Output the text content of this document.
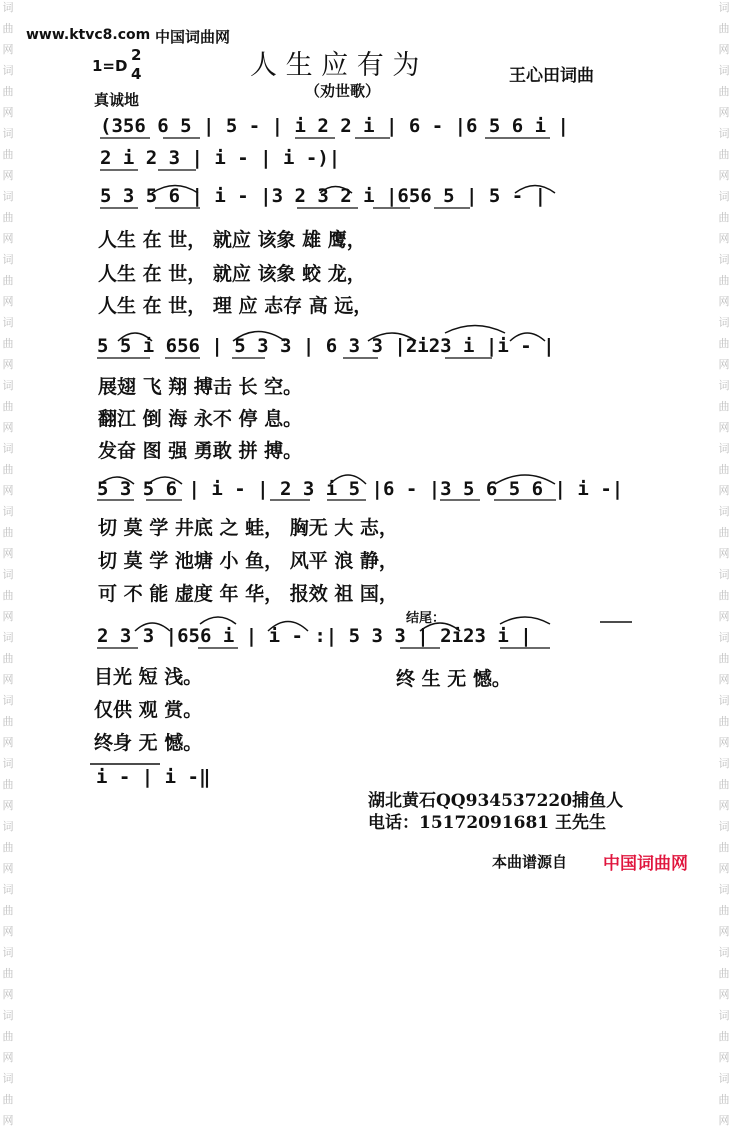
词
曲
网
词
曲
网
词
曲
网
词
曲
网
词
曲
网
词
曲
网
词
曲
网
词
曲
网
词
曲
网
词
曲
网
词
曲
网
词
曲
网
词
曲
网
词
曲
网
词
曲
网
词
曲
网
词
曲
网
词
曲
网
词
曲
网
词
曲
网
词
曲
网
词
曲
网
词
曲
网
词
曲
网
词
曲
网
词
曲
网
词
曲
网
词
曲
网
词
曲
网
词
曲
网
词
曲
网
词
曲
网
词
曲
网
词
曲
网
词
曲
网
词
曲
网
www.ktvc8.com 中国词曲网
1=D
2
4
真诚地
人 生 应 有 为
（劝世歌）
王心田词曲
(356 6 5 | 5 - | i 2 2 i | 6 - |6 5 6 i |
2 i 2 3 | i - | i -)|
5 3 5 6 | i - |3 2 3 2 i |656 5 | 5 - |
人生 在 世， 就应 该象 雄 鹰，
人生 在 世， 就应 该象 蛟 龙，
人生 在 世， 理 应 志存 高 远，
5 5 i 656 | 5 3 3 | 6 3 3 |2i23 i |i - |
展翅 飞 翔 搏击 长 空。
翻江 倒 海 永不 停 息。
发奋 图 强 勇敢 拼 搏。
5 3 5 6 | i - | 2 3 i 5 |6 - |3 5 6 5 6 | i -|
切 莫 学 井底 之 蛙， 胸无 大 志，
切 莫 学 池塘 小 鱼， 风平 浪 静，
可 不 能 虚度 年 华， 报效 祖 国，
结尾：
2 3 3 |656 i | i - :| 5 3 3 | 2i23 i |
目光 短 浅。	终 生 无 憾。
仅供 观 赏。
终身 无 憾。
i - | i -‖
湖北黄石QQ934537220捕鱼人
电话：15172091681 王先生
本曲谱源自 中国词曲网
